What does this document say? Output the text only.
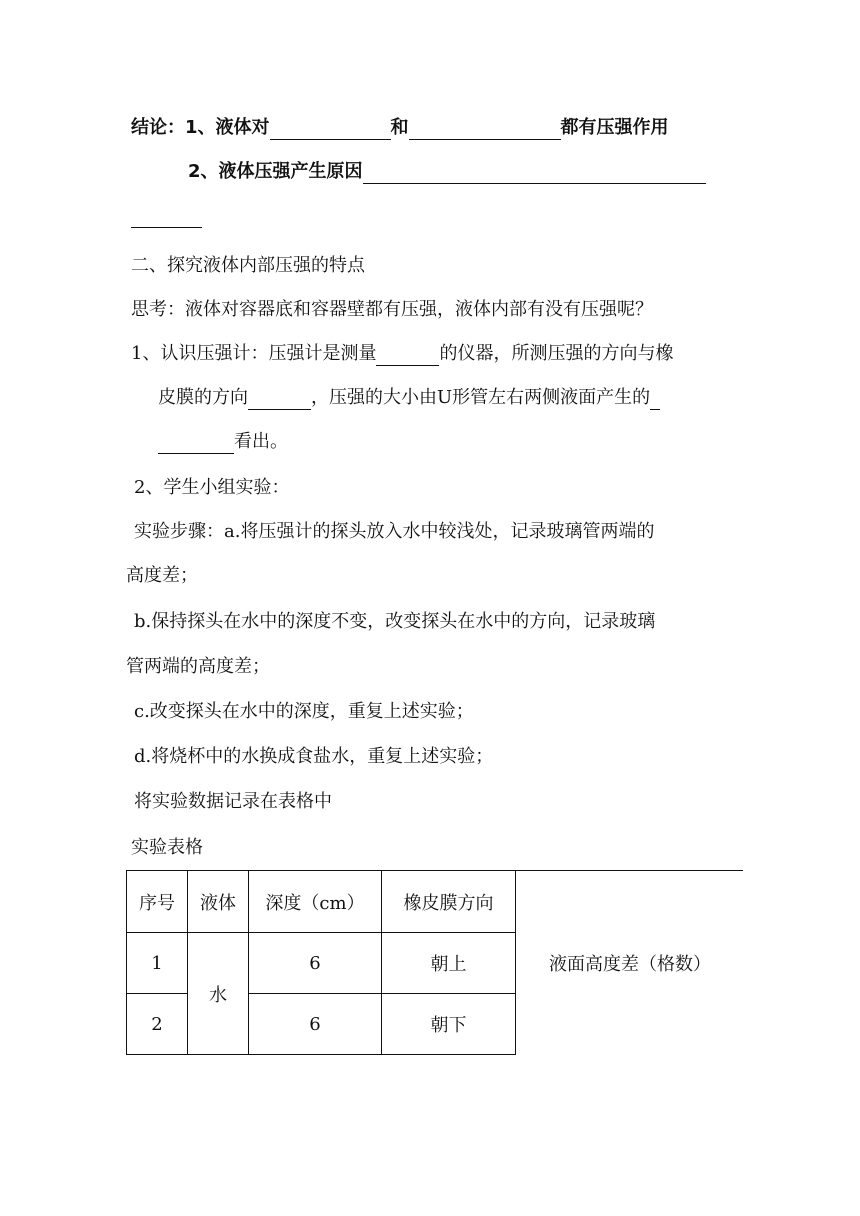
结论：1、液体对	和	都有压强作用
2、液体压强产生原因
二、探究液体内部压强的特点
思考：液体对容器底和容器壁都有压强，液体内部有没有压强呢？
1、认识压强计：压强计是测量	的仪器，所测压强的方向与橡
皮膜的方向	，压强的大小由U形管左右两侧液面产生的
看出。
2、学生小组实验：
实验步骤：a.将压强计的探头放入水中较浅处，记录玻璃管两端的
高度差；
b.保持探头在水中的深度不变，改变探头在水中的方向，记录玻璃
管两端的高度差；
c.改变探头在水中的深度，重复上述实验；
d.将烧杯中的水换成食盐水，重复上述实验；
将实验数据记录在表格中
实验表格
序号	液体	深度（cm）	橡皮膜方向	液面高度差（格数）
1	水	6	朝上	
2		6	朝下	
